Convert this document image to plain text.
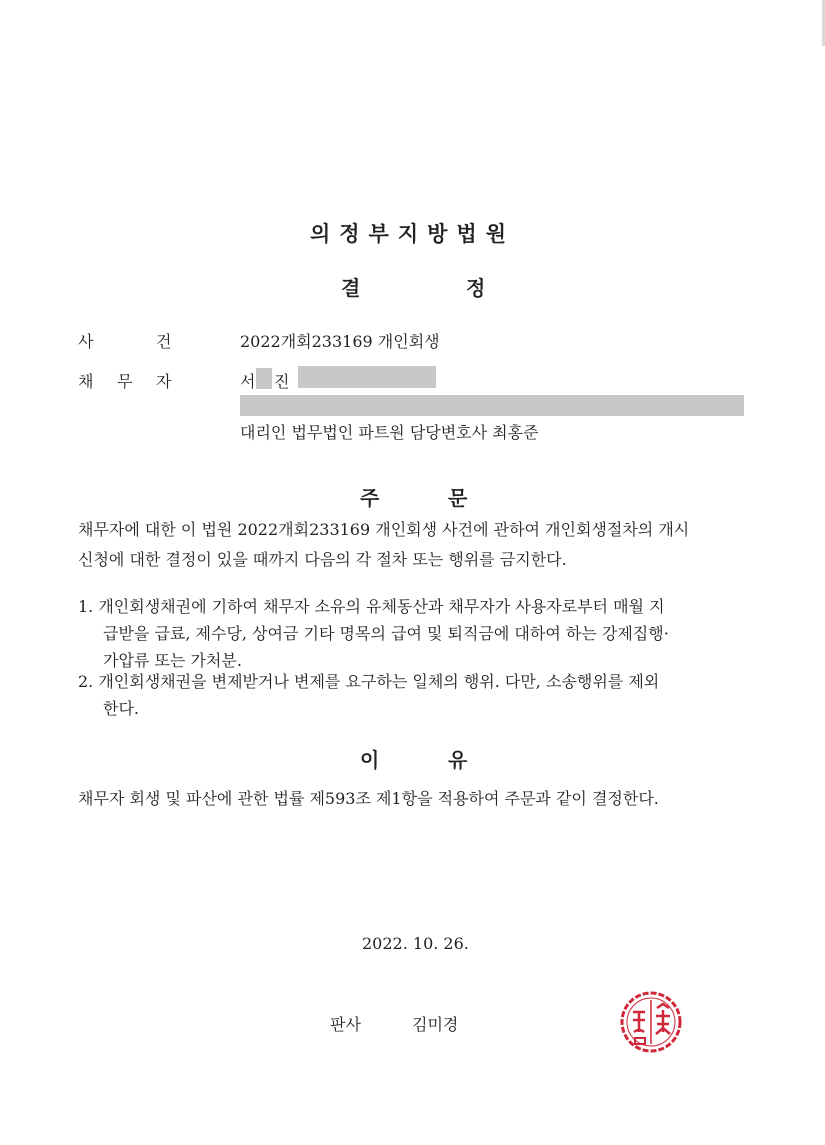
의정부지방법원
결	정
사	건	2022개회233169 개인회생
채 무 자	서 진
대리인 법무법인 파트원 담당변호사 최홍준
주	문
채무자에 대한 이 법원 2022개회233169 개인회생 사건에 관하여 개인회생절차의 개시
신청에 대한 결정이 있을 때까지 다음의 각 절차 또는 행위를 금지한다.
1. 개인회생채권에 기하여 채무자 소유의 유체동산과 채무자가 사용자로부터 매월 지
급받을 급료, 제수당, 상여금 기타 명목의 급여 및 퇴직금에 대하여 하는 강제집행·
가압류 또는 가처분.
2. 개인회생채권을 변제받거나 변제를 요구하는 일체의 행위. 다만, 소송행위를 제외
한다.
이	유
채무자 회생 및 파산에 관한 법률 제593조 제1항을 적용하여 주문과 같이 결정한다.
2022. 10. 26.
판사	김미경
